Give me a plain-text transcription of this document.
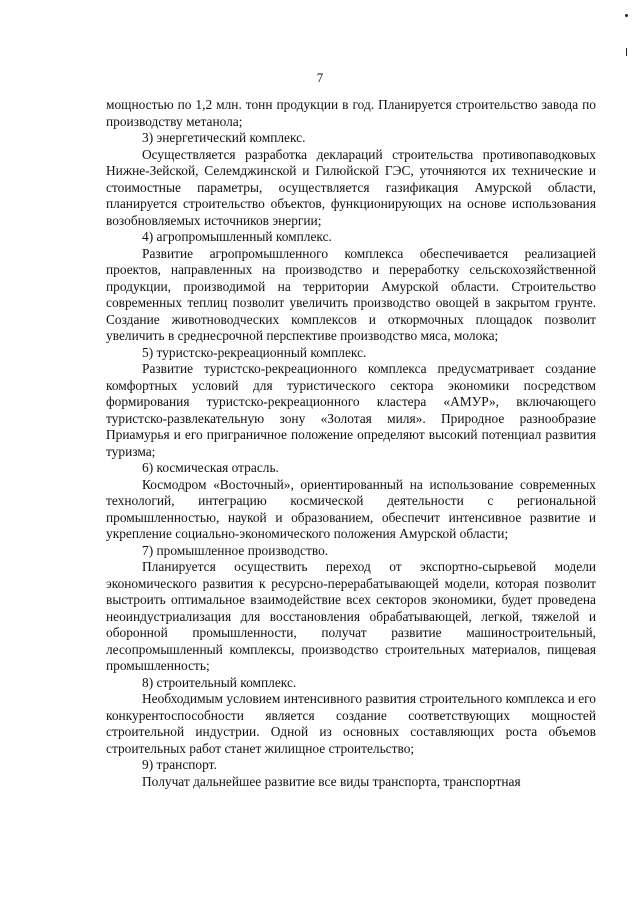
7

мощностью по 1,2 млн. тонн продукции в год. Планируется строительство завода по производству метанола;

3) энергетический комплекс.

Осуществляется разработка деклараций строительства противопаводковых Нижне-Зейской, Селемджинской и Гилюйской ГЭС, уточняются их технические и стоимостные параметры, осуществляется газификация Амурской области, планируется строительство объектов, функционирующих на основе использования возобновляемых источников энергии;

4) агропромышленный комплекс.

Развитие агропромышленного комплекса обеспечивается реализацией проектов, направленных на производство и переработку сельскохозяйственной продукции, производимой на территории Амурской области. Строительство современных теплиц позволит увеличить производство овощей в закрытом грунте. Создание животноводческих комплексов и откормочных площадок позволит увеличить в среднесрочной перспективе производство мяса, молока;

5) туристско-рекреационный комплекс.

Развитие туристско-рекреационного комплекса предусматривает создание комфортных условий для туристического сектора экономики посредством формирования туристско-рекреационного кластера «АМУР», включающего туристско-развлекательную зону «Золотая миля». Природное разнообразие Приамурья и его приграничное положение определяют высокий потенциал развития туризма;

6) космическая отрасль.

Космодром «Восточный», ориентированный на использование современных технологий, интеграцию космической деятельности с региональной промышленностью, наукой и образованием, обеспечит интенсивное развитие и укрепление социально-экономического положения Амурской области;

7) промышленное производство.

Планируется осуществить переход от экспортно-сырьевой модели экономического развития к ресурсно-перерабатывающей модели, которая позволит выстроить оптимальное взаимодействие всех секторов экономики, будет проведена неоиндустриализация для восстановления обрабатывающей, легкой, тяжелой и оборонной промышленности, получат развитие машиностроительный, лесопромышленный комплексы, производство строительных материалов, пищевая промышленность;

8) строительный комплекс.

Необходимым условием интенсивного развития строительного комплекса и его конкурентоспособности является создание соответствующих мощностей строительной индустрии. Одной из основных составляющих роста объемов строительных работ станет жилищное строительство;

9) транспорт.

Получат дальнейшее развитие все виды транспорта, транспортная
